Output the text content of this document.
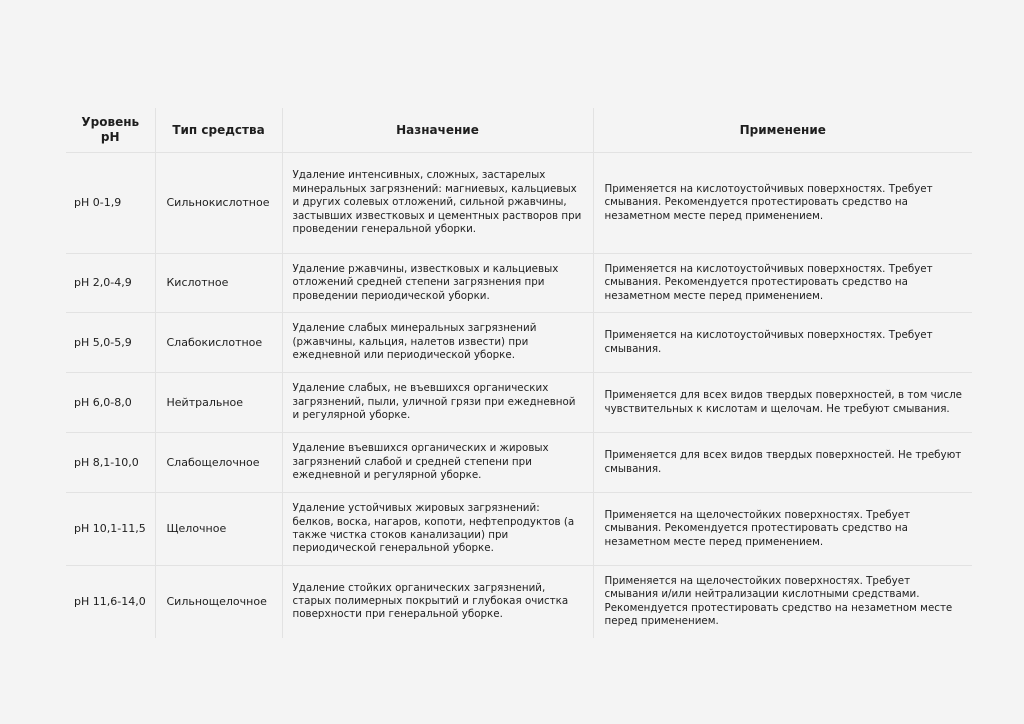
Уровень pH	Тип средства	Назначение	Применение
pH 0-1,9	Сильнокислотное	Удаление интенсивных, сложных, застарелых минеральных загрязнений: магниевых, кальциевых и других солевых отложений, сильной ржавчины, застывших известковых и цементных растворов при проведении генеральной уборки.	Применяется на кислотоустойчивых поверхностях. Требует смывания. Рекомендуется протестировать средство на незаметном месте перед применением.
pH 2,0-4,9	Кислотное	Удаление ржавчины, известковых и кальциевых отложений средней степени загрязнения при проведении периодической уборки.	Применяется на кислотоустойчивых поверхностях. Требует смывания. Рекомендуется протестировать средство на незаметном месте перед применением.
pH 5,0-5,9	Слабокислотное	Удаление слабых минеральных загрязнений (ржавчины, кальция, налетов извести) при ежедневной или периодической уборке.	Применяется на кислотоустойчивых поверхностях. Требует смывания.
pH 6,0-8,0	Нейтральное	Удаление слабых, не въевшихся органических загрязнений, пыли, уличной грязи при ежедневной и регулярной уборке.	Применяется для всех видов твердых поверхностей, в том числе чувствительных к кислотам и щелочам. Не требуют смывания.
pH 8,1-10,0	Слабощелочное	Удаление въевшихся органических и жировых загрязнений слабой и средней степени при ежедневной и регулярной уборке.	Применяется для всех видов твердых поверхностей. Не требуют смывания.
pH 10,1-11,5	Щелочное	Удаление устойчивых жировых загрязнений: белков, воска, нагаров, копоти, нефтепродуктов (а также чистка стоков канализации) при периодической генеральной уборке.	Применяется на щелочестойких поверхностях. Требует смывания. Рекомендуется протестировать средство на незаметном месте перед применением.
pH 11,6-14,0	Сильнощелочное	Удаление стойких органических загрязнений, старых полимерных покрытий и глубокая очистка поверхности при генеральной уборке.	Применяется на щелочестойких поверхностях. Требует смывания и/или нейтрализации кислотными средствами. Рекомендуется протестировать средство на незаметном месте перед применением.
